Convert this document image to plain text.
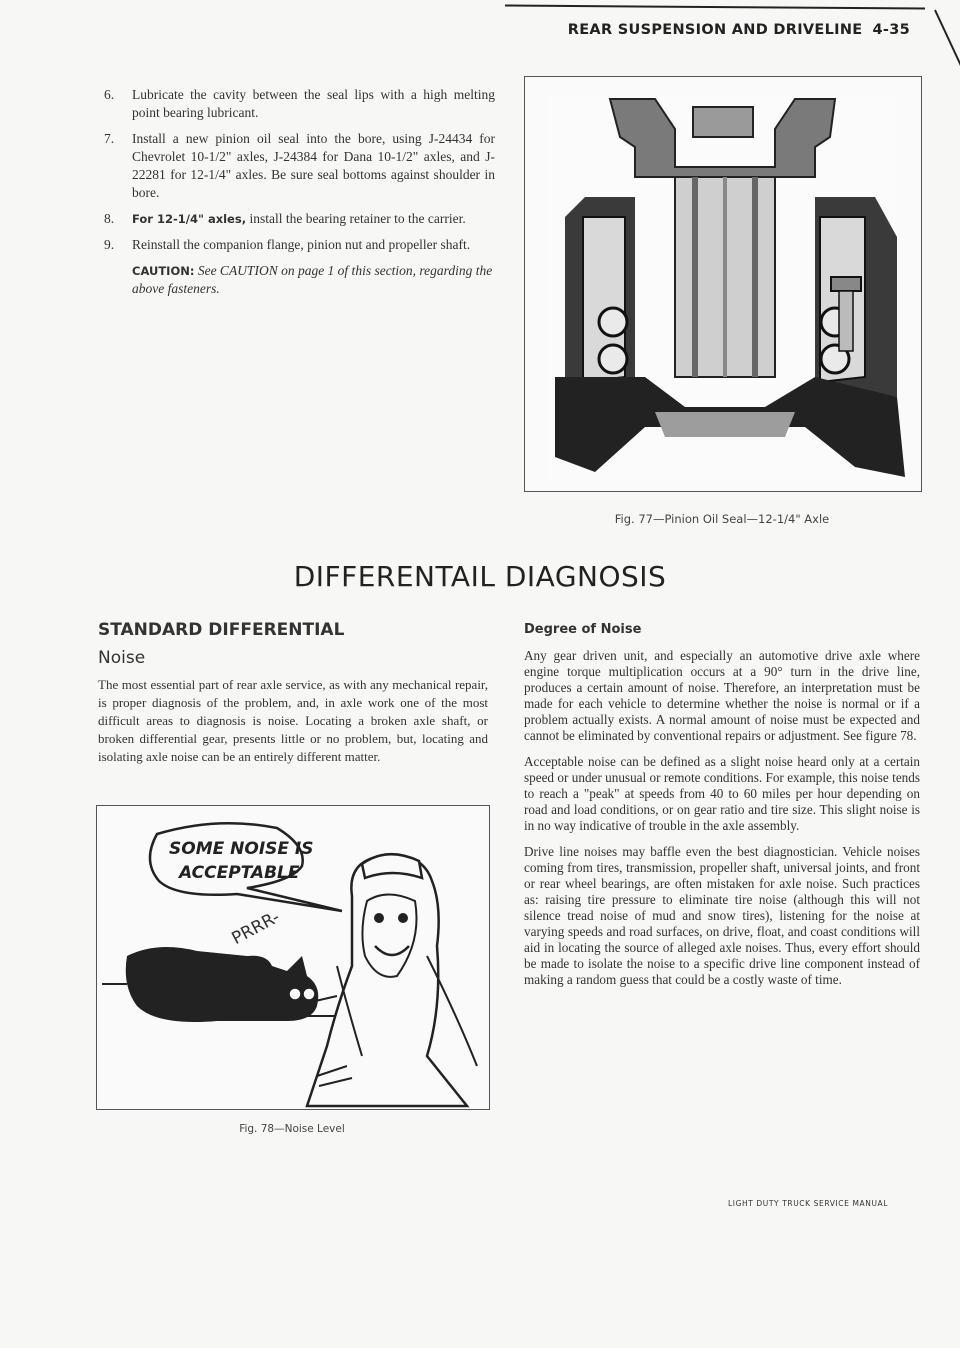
REAR SUSPENSION AND DRIVELINE 4-35
6. Lubricate the cavity between the seal lips with a high melting point bearing lubricant.
7. Install a new pinion oil seal into the bore, using J-24434 for Chevrolet 10-1/2" axles, J-24384 for Dana 10-1/2" axles, and J-22281 for 12-1/4" axles. Be sure seal bottoms against shoulder in bore.
8. For 12-1/4" axles, install the bearing retainer to the carrier.
9. Reinstall the companion flange, pinion nut and propeller shaft.
CAUTION: See CAUTION on page 1 of this section, regarding the above fasteners.
Fig. 77—Pinion Oil Seal—12-1/4" Axle
DIFFERENTAIL DIAGNOSIS
STANDARD DIFFERENTIAL
Noise
The most essential part of rear axle service, as with any mechanical repair, is proper diagnosis of the problem, and, in axle work one of the most difficult areas to diagnosis is noise. Locating a broken axle shaft, or broken differential gear, presents little or no problem, but, locating and isolating axle noise can be an entirely different matter.
SOME NOISE IS
ACCEPTABLE
PRRR-
Fig. 78—Noise Level
Degree of Noise

Any gear driven unit, and especially an automotive drive axle where engine torque multiplication occurs at a 90° turn in the drive line, produces a certain amount of noise. Therefore, an interpretation must be made for each vehicle to determine whether the noise is normal or if a problem actually exists. A normal amount of noise must be expected and cannot be eliminated by conventional repairs or adjustment. See figure 78.

Acceptable noise can be defined as a slight noise heard only at a certain speed or under unusual or remote conditions. For example, this noise tends to reach a "peak" at speeds from 40 to 60 miles per hour depending on road and load conditions, or on gear ratio and tire size. This slight noise is in no way indicative of trouble in the axle assembly.

Drive line noises may baffle even the best diagnostician. Vehicle noises coming from tires, transmission, propeller shaft, universal joints, and front or rear wheel bearings, are often mistaken for axle noise. Such practices as: raising tire pressure to eliminate tire noise (although this will not silence tread noise of mud and snow tires), listening for the noise at varying speeds and road surfaces, on drive, float, and coast conditions will aid in locating the source of alleged axle noises. Thus, every effort should be made to isolate the noise to a specific drive line component instead of making a random guess that could be a costly waste of time.

LIGHT DUTY TRUCK SERVICE MANUAL
